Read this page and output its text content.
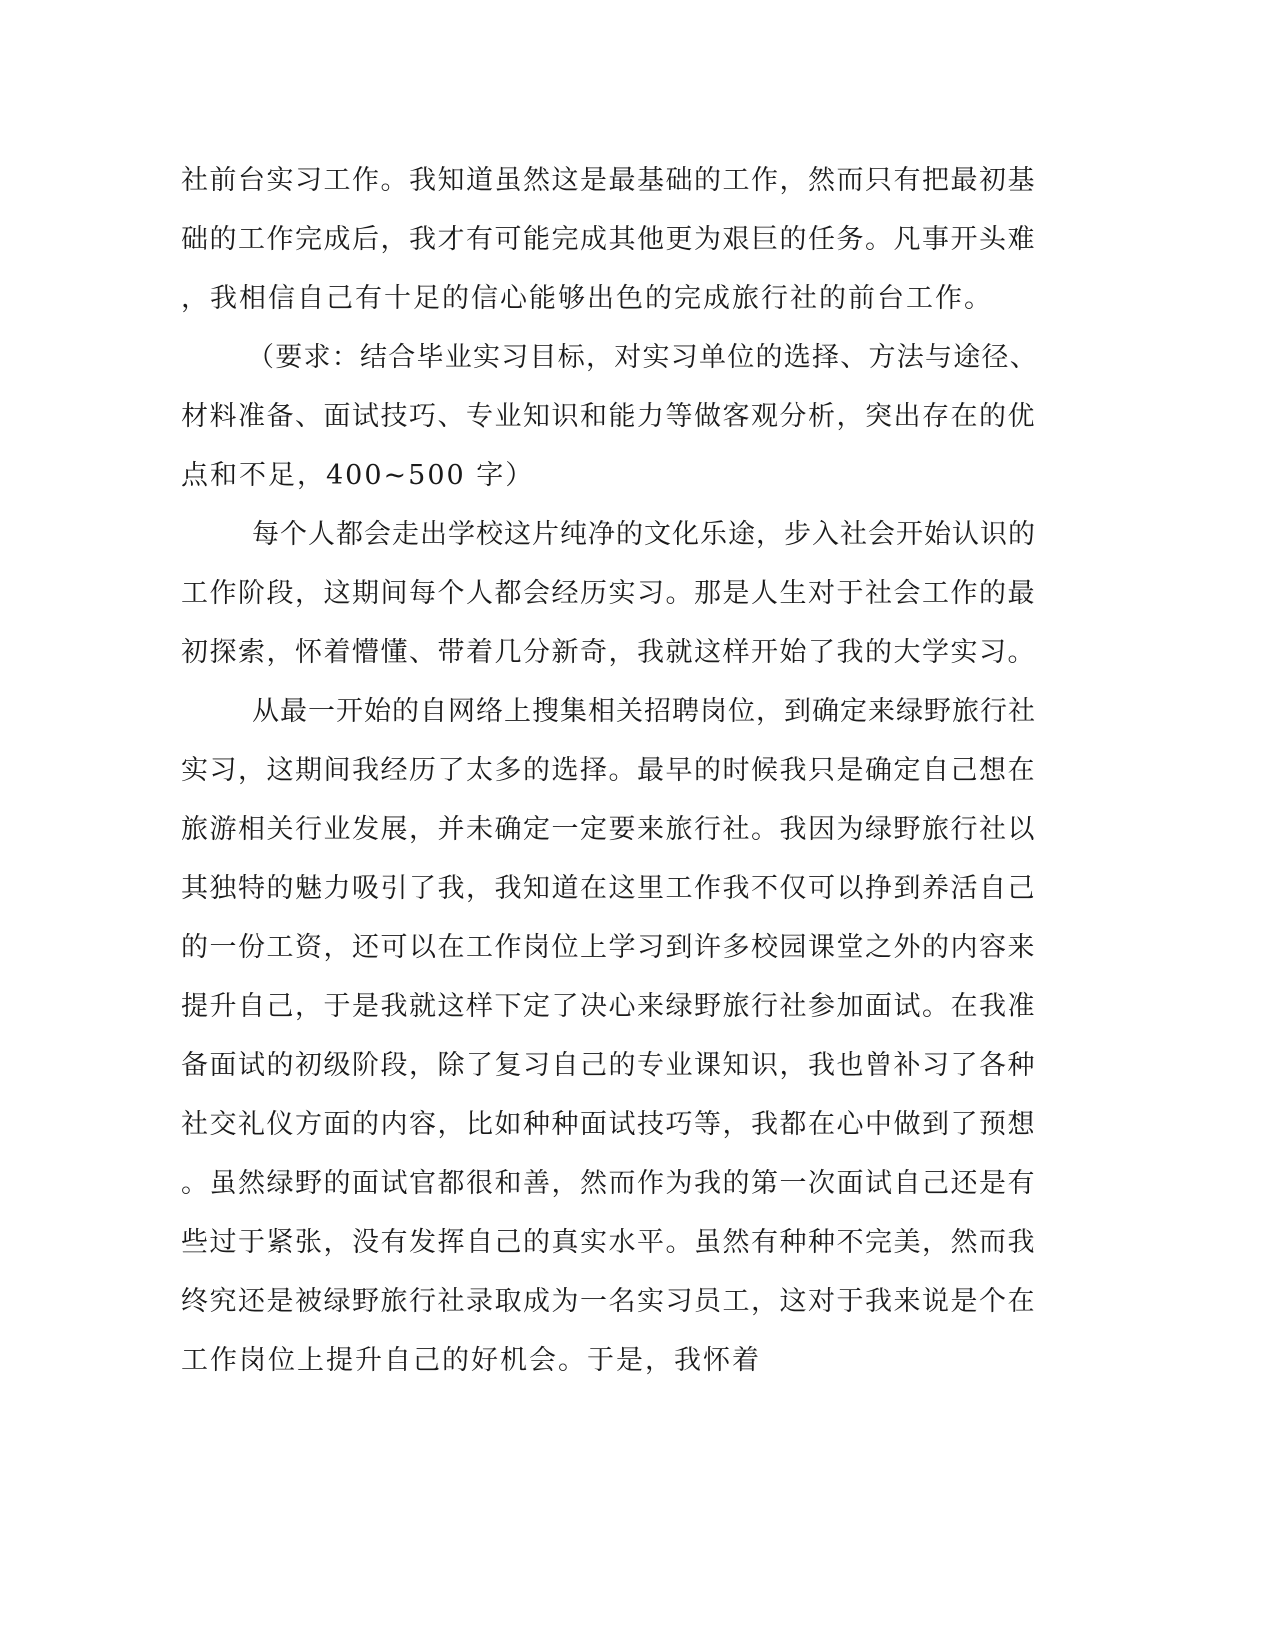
社前台实习工作。我知道虽然这是最基础的工作，然而只有把最初基
础的工作完成后，我才有可能完成其他更为艰巨的任务。凡事开头难
，我相信自己有十足的信心能够出色的完成旅行社的前台工作。
（要求：结合毕业实习目标，对实习单位的选择、方法与途径、
材料准备、面试技巧、专业知识和能力等做客观分析，突出存在的优
点和不足，400~500 字）
每个人都会走出学校这片纯净的文化乐途，步入社会开始认识的
工作阶段，这期间每个人都会经历实习。那是人生对于社会工作的最
初探索，怀着懵懂、带着几分新奇，我就这样开始了我的大学实习。
从最一开始的自网络上搜集相关招聘岗位，到确定来绿野旅行社
实习，这期间我经历了太多的选择。最早的时候我只是确定自己想在
旅游相关行业发展，并未确定一定要来旅行社。我因为绿野旅行社以
其独特的魅力吸引了我，我知道在这里工作我不仅可以挣到养活自己
的一份工资，还可以在工作岗位上学习到许多校园课堂之外的内容来
提升自己，于是我就这样下定了决心来绿野旅行社参加面试。在我准
备面试的初级阶段，除了复习自己的专业课知识，我也曾补习了各种
社交礼仪方面的内容，比如种种面试技巧等，我都在心中做到了预想
。虽然绿野的面试官都很和善，然而作为我的第一次面试自己还是有
些过于紧张，没有发挥自己的真实水平。虽然有种种不完美，然而我
终究还是被绿野旅行社录取成为一名实习员工，这对于我来说是个在
工作岗位上提升自己的好机会。于是，我怀着
